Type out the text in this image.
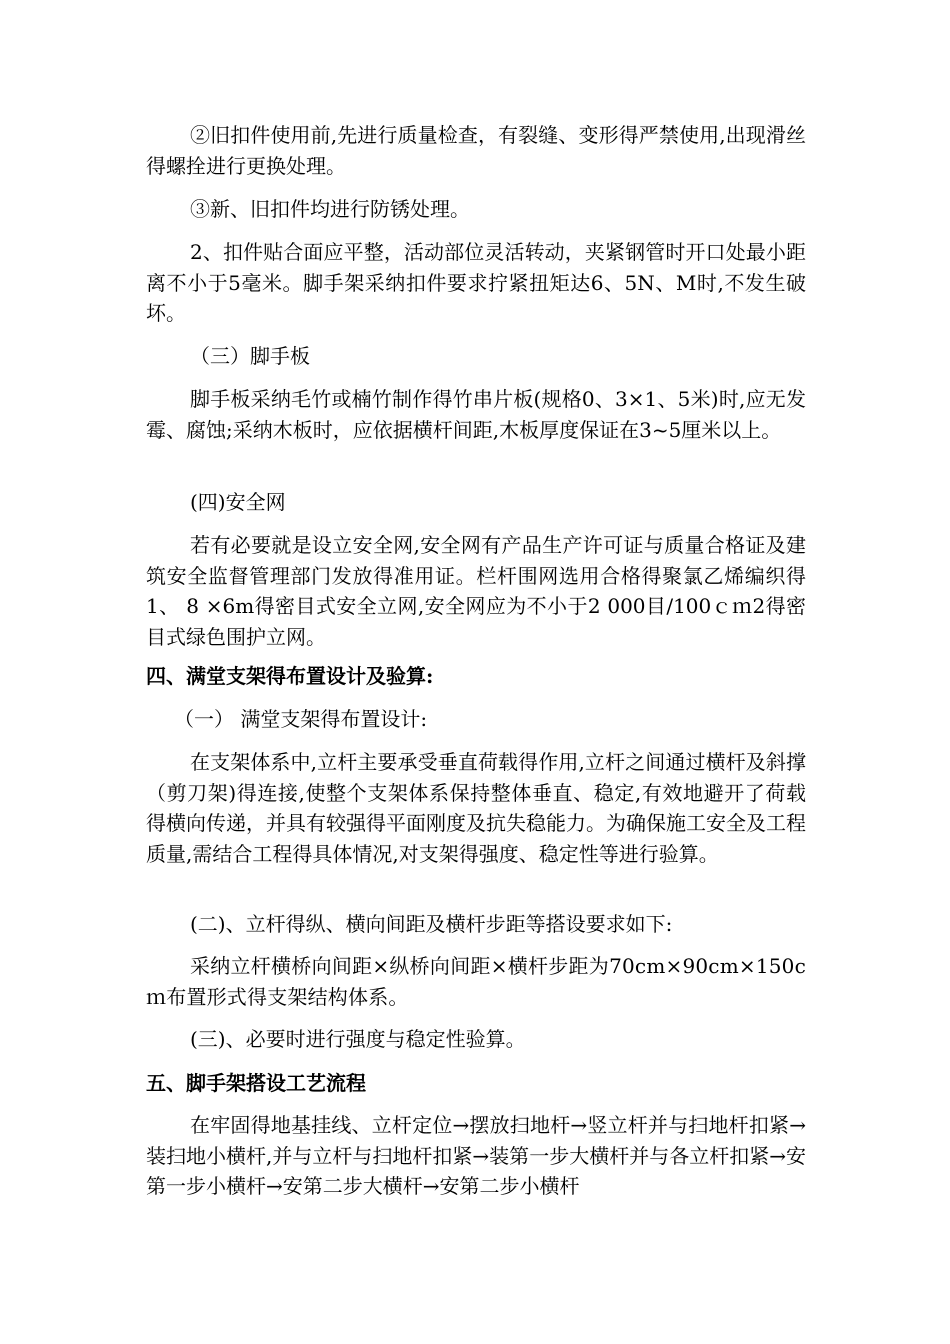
②旧扣件使用前,先进行质量检查，有裂缝、变形得严禁使用,出现滑丝得螺拴进行更换处理。

③新、旧扣件均进行防锈处理。

2、扣件贴合面应平整，活动部位灵活转动，夹紧钢管时开口处最小距离不小于5毫米。脚手架采纳扣件要求拧紧扭矩达6、5N、M时,不发生破坏。

（三）脚手板

脚手板采纳毛竹或楠竹制作得竹串片板(规格0、3×1、5米)时,应无发霉、腐蚀;采纳木板时，应依据横杆间距,木板厚度保证在3~5厘米以上。

(四)安全网

若有必要就是设立安全网,安全网有产品生产许可证与质量合格证及建筑安全监督管理部门发放得准用证。栏杆围网选用合格得聚氯乙烯编织得1、 8 ×6m得密目式安全立网,安全网应为不小于2 000目/100ｃｍ2得密目式绿色围护立网。

四、满堂支架得布置设计及验算:

（一） 满堂支架得布置设计:

在支架体系中,立杆主要承受垂直荷载得作用,立杆之间通过横杆及斜撑（剪刀架)得连接,使整个支架体系保持整体垂直、稳定,有效地避开了荷载得横向传递，并具有较强得平面刚度及抗失稳能力。为确保施工安全及工程质量,需结合工程得具体情况,对支架得强度、稳定性等进行验算。

(二)、立杆得纵、横向间距及横杆步距等搭设要求如下:

采纳立杆横桥向间距×纵桥向间距×横杆步距为70cm×90cm×150cｍ布置形式得支架结构体系。

(三)、必要时进行强度与稳定性验算。

五、脚手架搭设工艺流程

在牢固得地基挂线、立杆定位→摆放扫地杆→竖立杆并与扫地杆扣紧→装扫地小横杆,并与立杆与扫地杆扣紧→装第一步大横杆并与各立杆扣紧→安第一步小横杆→安第二步大横杆→安第二步小横杆
